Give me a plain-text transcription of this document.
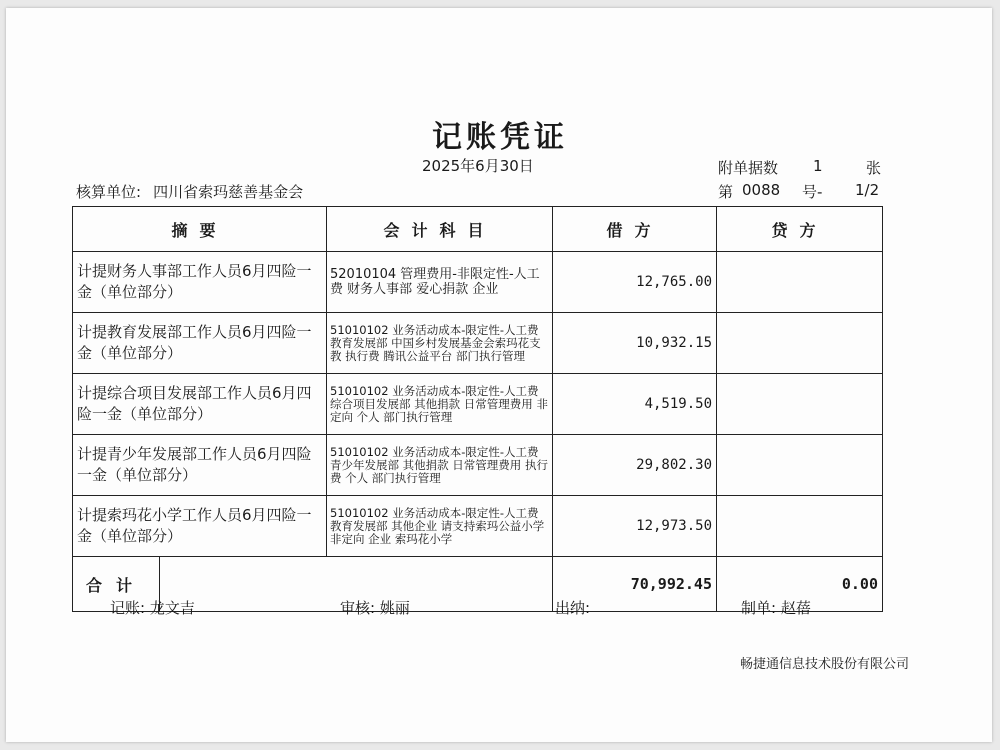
记账凭证
2025年6月30日	附单据数 1	张
核算单位: 四川省索玛慈善基金会	第 0088 号- 1/2
摘要	会计科目	借方	贷方
计提财务人事部工作人员6月四险一金（单位部分）	52010104 管理费用-非限定性-人工费 财务人事部 爱心捐款 企业	12,765.00	
计提教育发展部工作人员6月四险一金（单位部分）	51010102 业务活动成本-限定性-人工费 教育发展部 中国乡村发展基金会索玛花支教 执行费 腾讯公益平台 部门执行管理	10,932.15	
计提综合项目发展部工作人员6月四险一金（单位部分）	51010102 业务活动成本-限定性-人工费 综合项目发展部 其他捐款 日常管理费用 非定向 个人 部门执行管理	4,519.50	
计提青少年发展部工作人员6月四险一金（单位部分）	51010102 业务活动成本-限定性-人工费 青少年发展部 其他捐款 日常管理费用 执行费 个人 部门执行管理	29,802.30	
计提索玛花小学工作人员6月四险一金（单位部分）	51010102 业务活动成本-限定性-人工费 教育发展部 其他企业 请支持索玛公益小学 非定向 企业 索玛花小学	12,973.50	

合计		70,992.45	0.00
记账: 龙文吉	审核: 姚丽	出纳:	制单: 赵蓓
畅捷通信息技术股份有限公司
